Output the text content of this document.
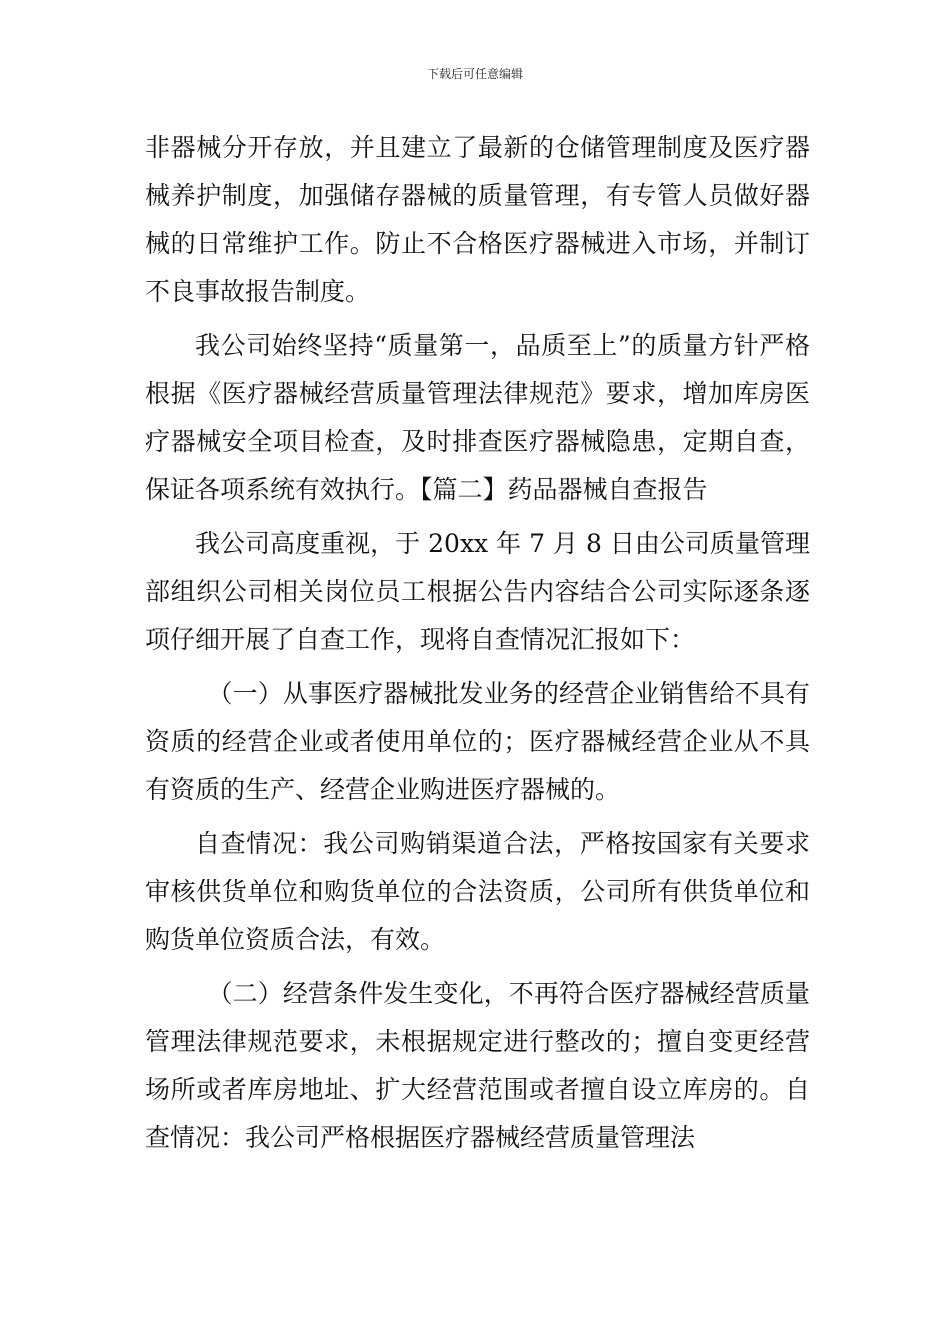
下载后可任意编辑

非器械分开存放，并且建立了最新的仓储管理制度及医疗器械养护制度，加强储存器械的质量管理，有专管人员做好器械的日常维护工作。防止不合格医疗器械进入市场，并制订不良事故报告制度。

我公司始终坚持“质量第一，品质至上”的质量方针严格根据《医疗器械经营质量管理法律规范》要求，增加库房医疗器械安全项目检查，及时排查医疗器械隐患，定期自查，保证各项系统有效执行。【篇二】药品器械自查报告

我公司高度重视，于 20xx 年 7 月 8 日由公司质量管理部组织公司相关岗位员工根据公告内容结合公司实际逐条逐项仔细开展了自查工作，现将自查情况汇报如下：

（一）从事医疗器械批发业务的经营企业销售给不具有资质的经营企业或者使用单位的；医疗器械经营企业从不具有资质的生产、经营企业购进医疗器械的。

自查情况：我公司购销渠道合法，严格按国家有关要求审核供货单位和购货单位的合法资质，公司所有供货单位和购货单位资质合法，有效。

（二）经营条件发生变化，不再符合医疗器械经营质量管理法律规范要求，未根据规定进行整改的；擅自变更经营场所或者库房地址、扩大经营范围或者擅自设立库房的。自查情况：我公司严格根据医疗器械经营质量管理法
